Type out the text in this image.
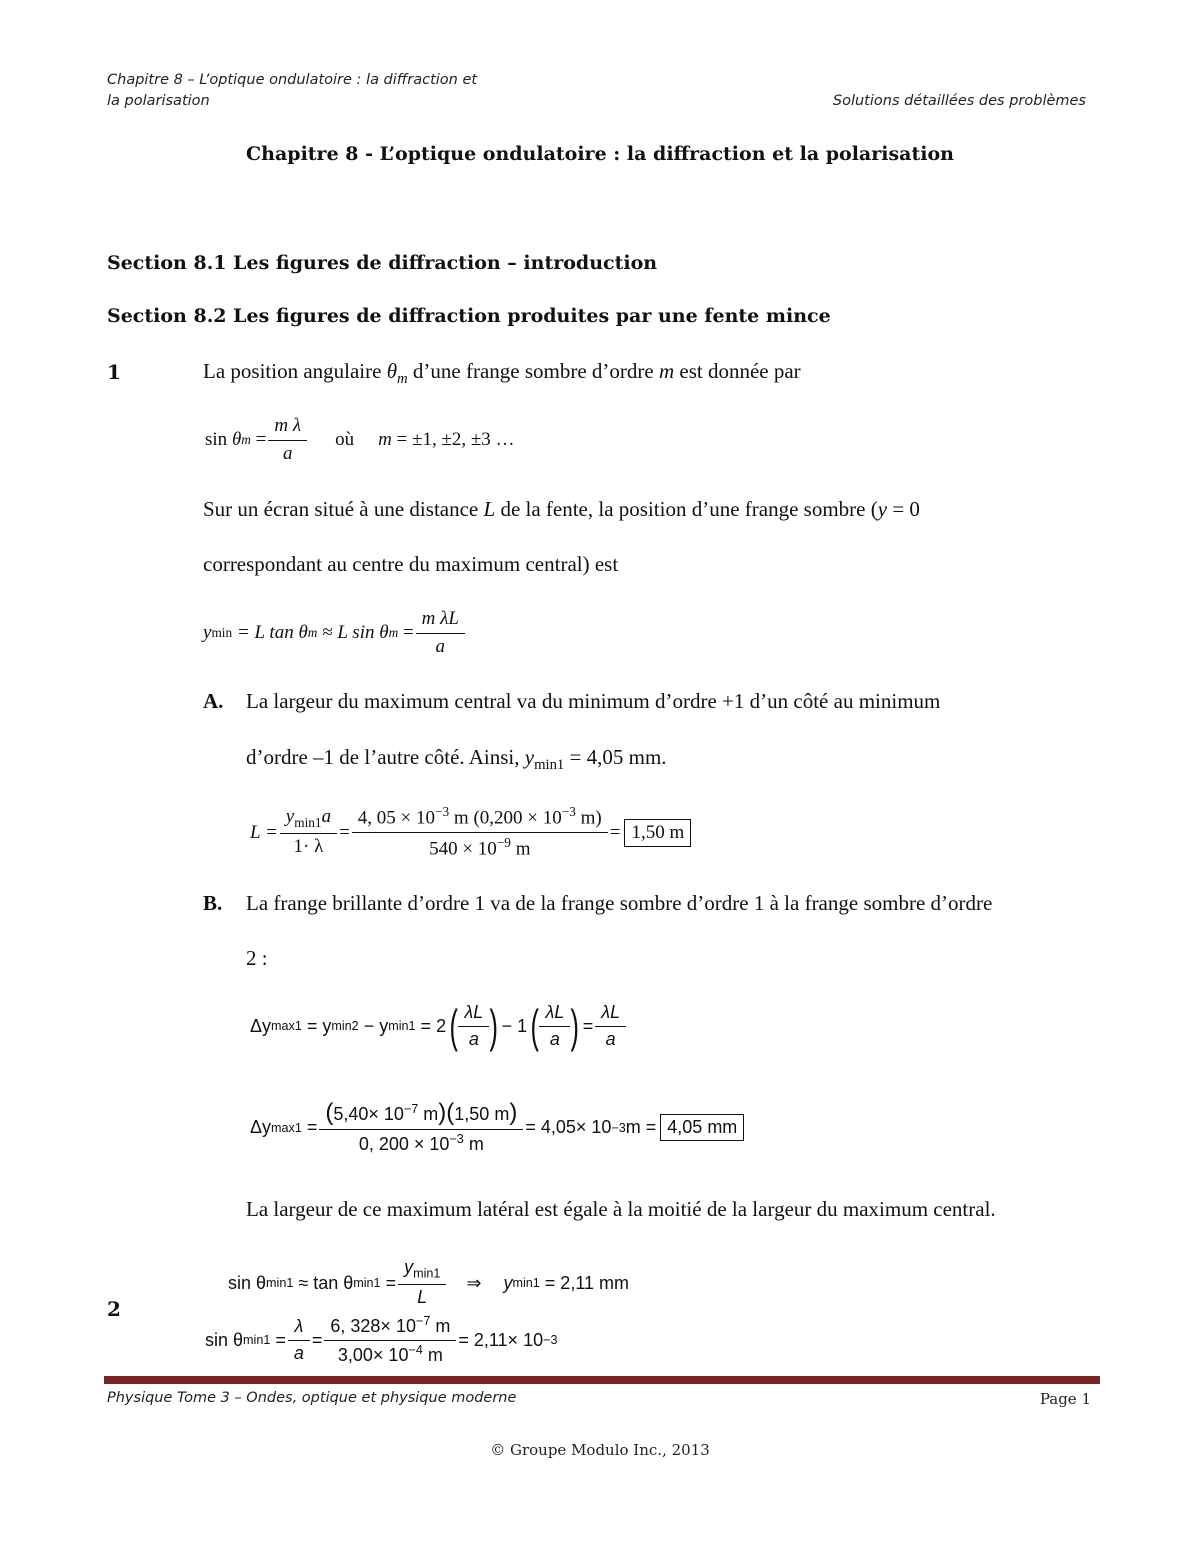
Chapitre 8 – L’optique ondulatoire : la diffraction et
la polarisation	Solutions détaillées des problèmes
Chapitre 8 - L’optique ondulatoire : la diffraction et la polarisation
Section 8.1 Les figures de diffraction – introduction
Section 8.2 Les figures de diffraction produites par une fente mince
1	La position angulaire $\theta_m$ d’une frange sombre d’ordre m est donnée par
sin
θ m
= $\frac{\text{m λ}}{a}$ où m
= ±1, ±2, ±3 …
Sur un écran situé à une distance L de la fente, la position d’une frange sombre (y = 0
correspondant au centre du maximum central) est
y min
= L tan θ m
≈ L sin θ m
= $\frac{\text{m λL}}{a}$
A. La largeur du maximum central va du minimum d’ordre +1 d’un côté au minimum
d’ordre –1 de l’autre côté. Ainsi, $y_{min1} = 4,05$ mm.
$L = \frac{y_{min1}a}{1\cdot \lambda} = \frac{4, 05 \times 10^{-3} m (0,200 \times 10^{-3} m)}{540 \times 10^{-9} m} = 1,50$ m
B. La frange brillante d’ordre 1 va de la frange sombre d’ordre 1 à la frange sombre d’ordre
2 :
Δy max1
=
y min2
−
y min1
=
2 ( $\frac{\lambda L}{a}$ ) −
1 ( $\frac{\lambda L}{a}$ ) = $\frac{\lambda L}{a}$
Δy max1
= $\frac{(5,40\times 10^{-7} m)(1,50 m)}{0, 200 \times 10^{-3} m} = 4,05\times 10 -3$ m = 4,05 mm
La largeur de ce maximum latéral est égale à la moitié de la largeur du maximum central.
2
sin θ min1
≈ tan θ min1
= $\frac{y_{min1}}{L}$ ⇒ y min1
= 2,11 mm
sin θ min1
= $\frac{\lambda}{a} = \frac{6, 328\times 10^{-7} m}{3,00\times 10^{-4} m} = 2,11\times 10 -3$
Physique Tome 3 – Ondes, optique et physique moderne	Page 1
© Groupe Modulo Inc., 2013
